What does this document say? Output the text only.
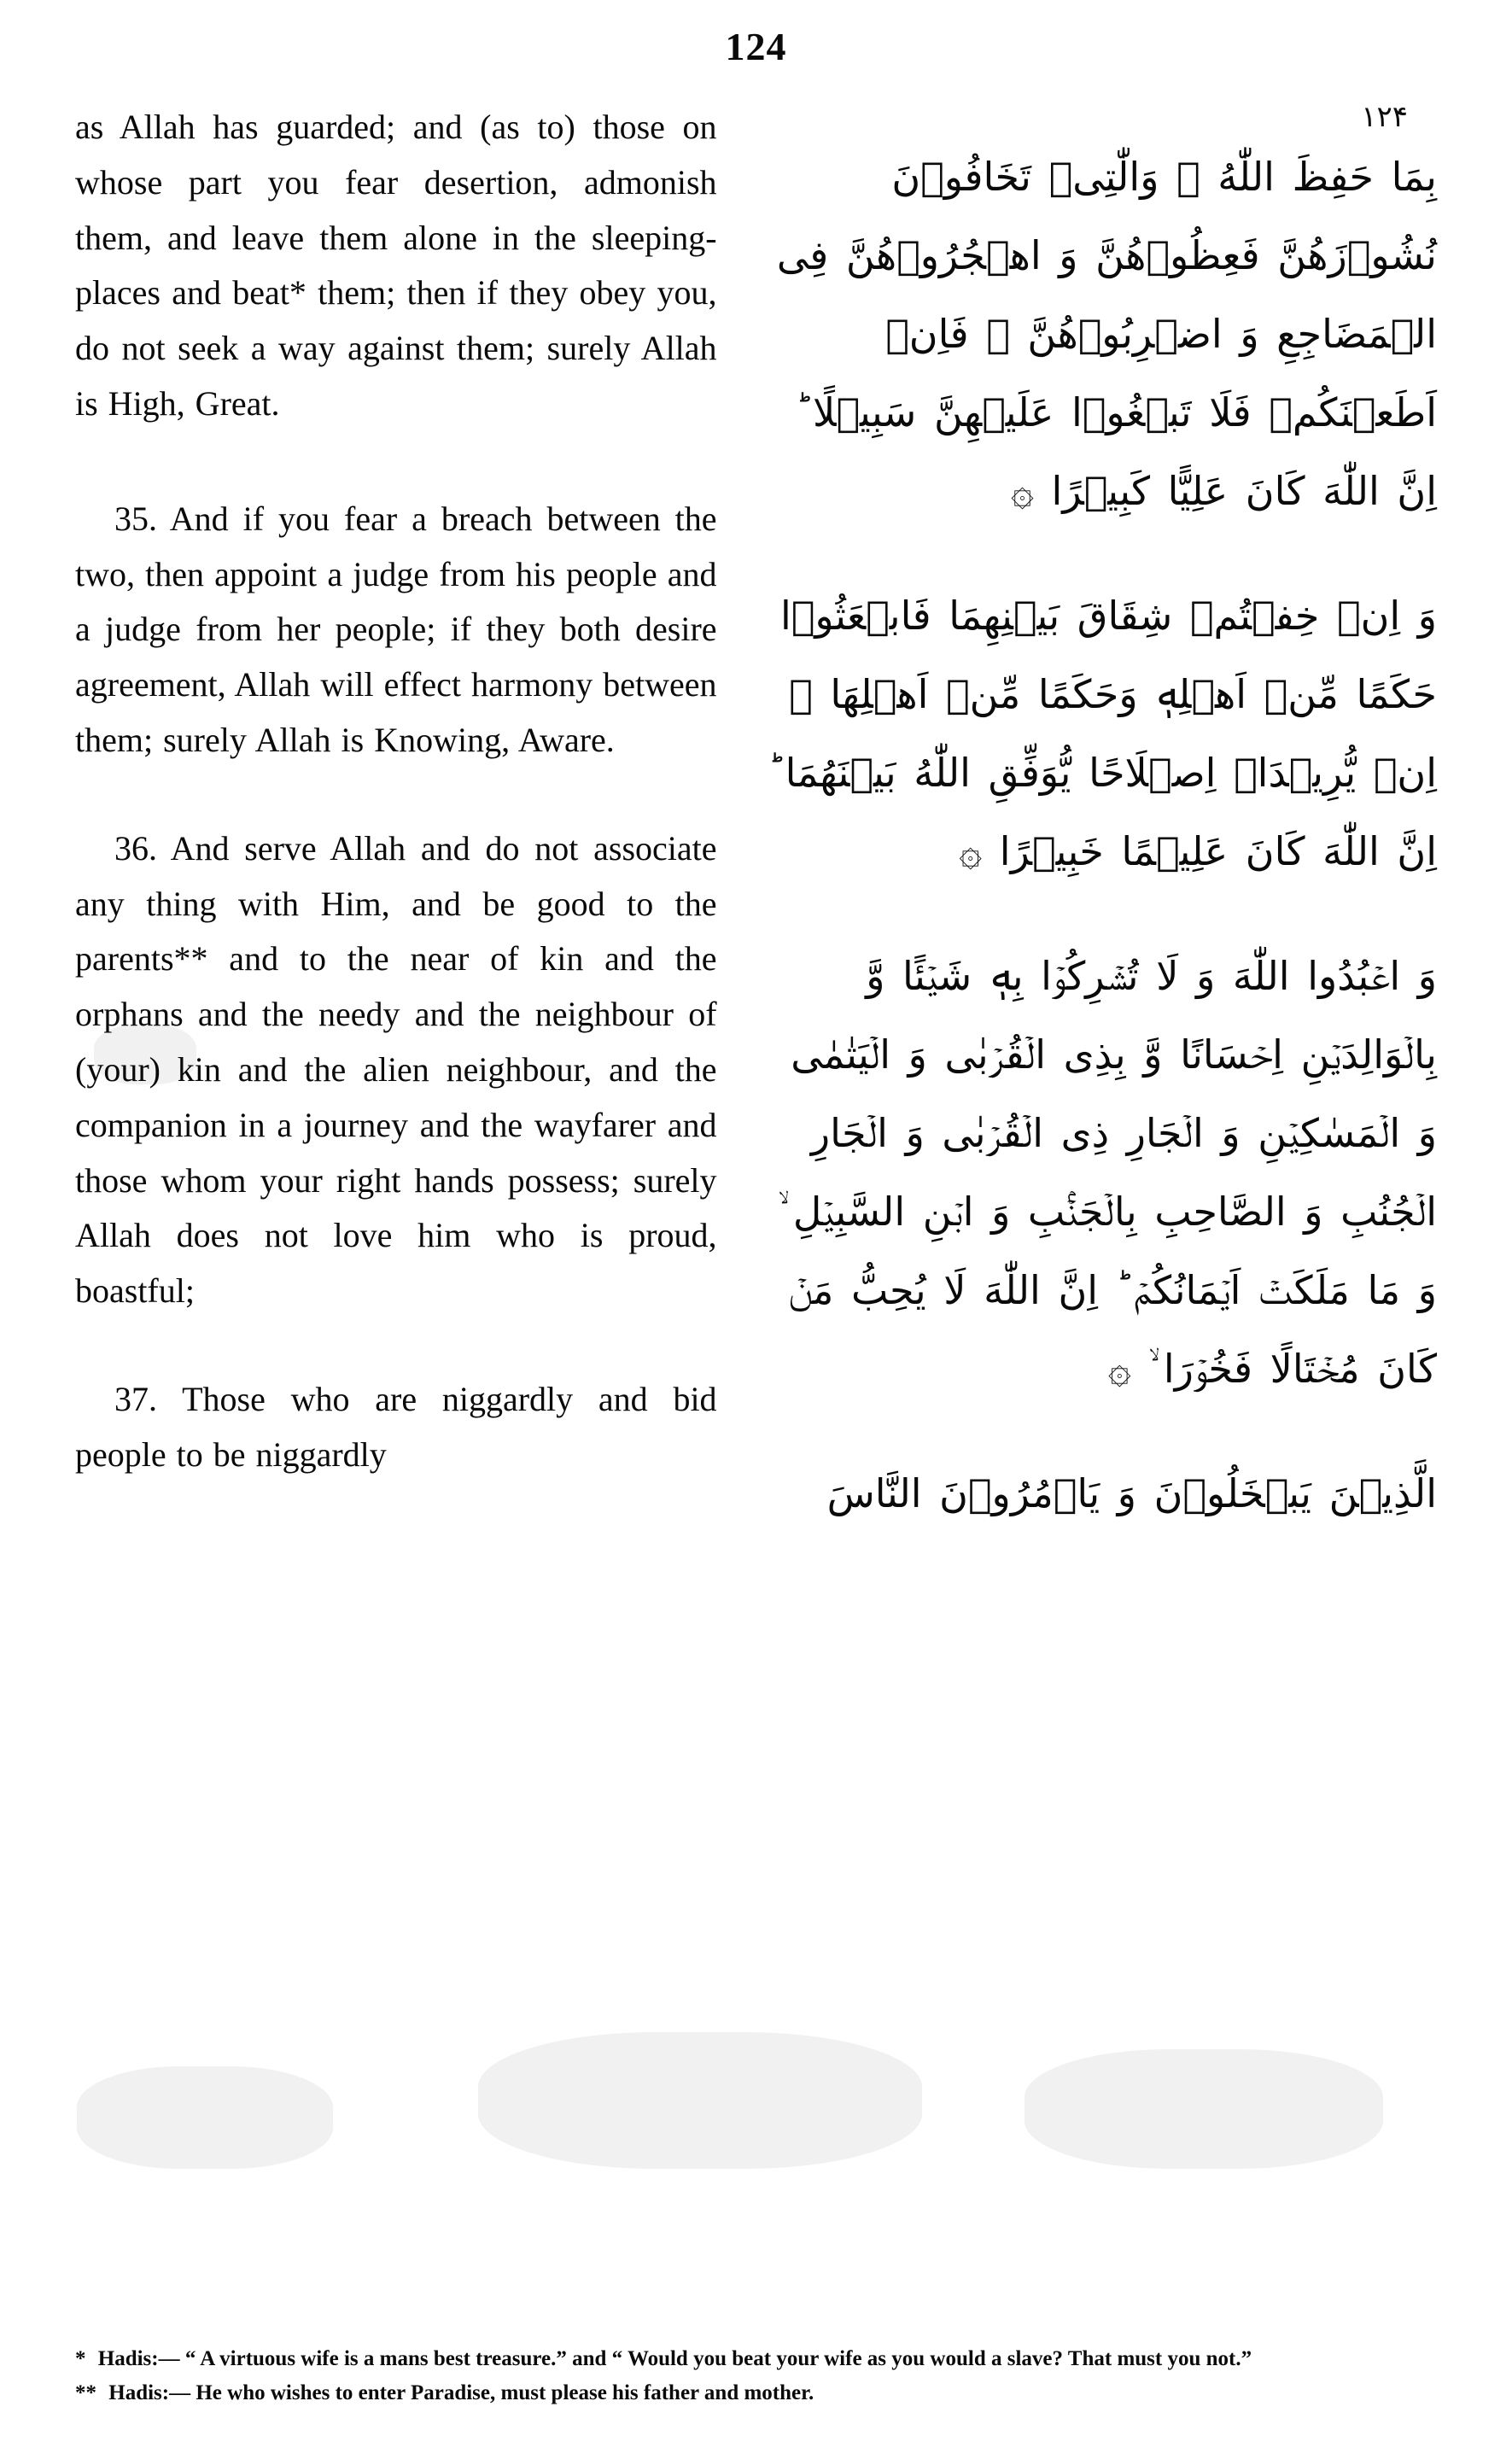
124
as Allah has guarded; and (as to) those on whose part you fear desertion, admonish them, and leave them alone in the sleeping-places and beat* them; then if they obey you, do not seek a way against them; surely Allah is High, Great.
35. And if you fear a breach between the two, then appoint a judge from his people and a judge from her people; if they both desire agreement, Allah will effect harmony between them; surely Allah is Knowing, Aware.
36. And serve Allah and do not associate any thing with Him, and be good to the parents** and to the near of kin and the orphans and the needy and the neighbour of (your) kin and the alien neighbour, and the companion in a journey and the wayfarer and those whom your right hands possess; surely Allah does not love him who is proud, boastful;
37. Those who are niggardly and bid people to be niggardly
۱۲۴
بِمَا حَفِظَ اللّٰهُ ۚ وَالّٰتِىۡ تَخَافُوۡنَ نُشُوۡزَهُنَّ فَعِظُوۡهُنَّ وَ اهۡجُرُوۡهُنَّ فِى الۡمَضَاجِعِ وَ اضۡرِبُوۡهُنَّ ۚ فَاِنۡ اَطَعۡنَكُمۡ فَلَا تَبۡغُوۡا عَلَيۡهِنَّ سَبِيۡلًا ؕ اِنَّ اللّٰهَ كَانَ عَلِيًّا كَبِيۡرًا ۞
وَ اِنۡ خِفۡتُمۡ شِقَاقَ بَيۡنِهِمَا فَابۡعَثُوۡا حَكَمًا مِّنۡ اَهۡلِهٖ وَحَكَمًا مِّنۡ اَهۡلِهَا ۚ اِنۡ يُّرِيۡدَاۤ اِصۡلَاحًا يُّوَفِّقِ اللّٰهُ بَيۡنَهُمَا ؕ اِنَّ اللّٰهَ كَانَ عَلِيۡمًا خَبِيۡرًا ۞
وَ اعۡبُدُوا اللّٰهَ وَ لَا تُشۡرِكُوۡا بِهٖ شَيۡئًا وَّ بِالۡوَالِدَيۡنِ اِحۡسَانًا وَّ بِذِى الۡقُرۡبٰى وَ الۡيَتٰمٰى وَ الۡمَسٰكِيۡنِ وَ الۡجَارِ ذِى الۡقُرۡبٰى وَ الۡجَارِ الۡجُنُبِ وَ الصَّاحِبِ بِالۡجَنۡۢبِ وَ ابۡنِ السَّبِيۡلِ ۙ وَ مَا مَلَكَتۡ اَيۡمَانُكُمۡ ؕ اِنَّ اللّٰهَ لَا يُحِبُّ مَنۡ كَانَ مُخۡتَالًا فَخُوۡرَا ۙ ۞
الَّذِيۡنَ يَبۡخَلُوۡنَ وَ يَاۡمُرُوۡنَ النَّاسَ
* Hadis:— “ A virtuous wife is a mans best treasure.” and “ Would you beat your wife as you would a slave? That must you not.”
** Hadis:— He who wishes to enter Paradise, must please his father and mother.
